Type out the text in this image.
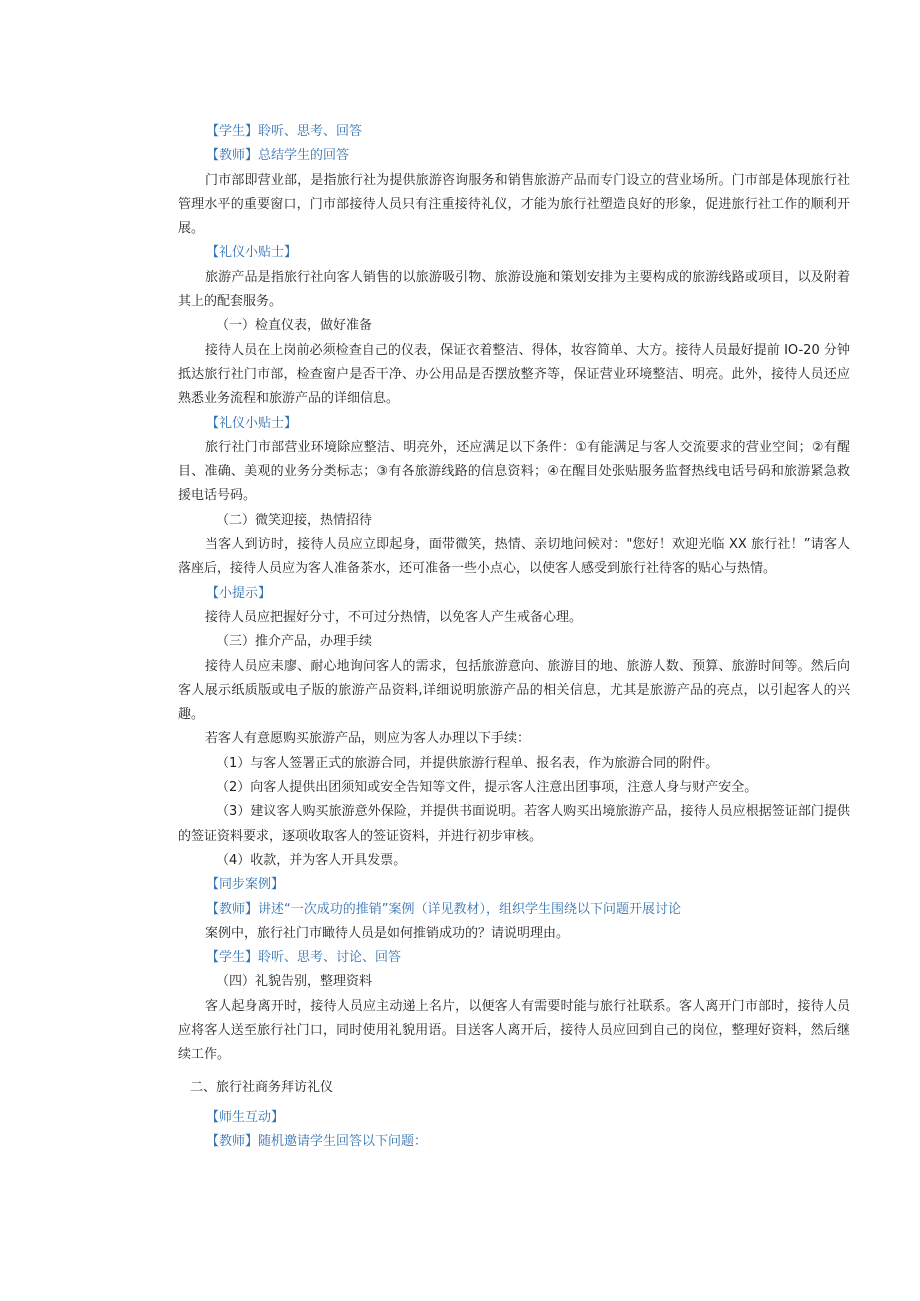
【学生】聆听、思考、回答
【教师】总结学生的回答
门市部即营业部，是指旅行社为提供旅游咨询服务和销售旅游产品而专门设立的营业场所。门市部是体现旅行社管理水平的重要窗口，门市部接待人员只有注重接待礼仪，才能为旅行社塑造良好的形象，促进旅行社工作的顺利开展。
【礼仪小贴士】
旅游产品是指旅行社向客人销售的以旅游吸引物、旅游设施和策划安排为主要构成的旅游线路或项目，以及附着其上的配套服务。
（一）检直仪表，做好准备
接待人员在上岗前必须检查自己的仪表，保证衣着整洁、得体，妆容简单、大方。接待人员最好提前 IO-20 分钟抵达旅行社门市部，检查窗户是否干净、办公用品是否摆放整齐等，保证营业环境整洁、明亮。此外，接待人员还应熟悉业务流程和旅游产品的详细信息。
【礼仪小贴士】
旅行社门市部营业环境除应整洁、明亮外，还应满足以下条件：①有能满足与客人交流要求的营业空间；②有醒目、准确、美观的业务分类标志；③有各旅游线路的信息资料；④在醒目处张贴服务监督热线电话号码和旅游紧急救援电话号码。
（二）微笑迎接，热情招待
当客人到访时，接待人员应立即起身，面带微笑，热情、亲切地问候对："您好！欢迎光临 XX 旅行社！”请客人落座后，接待人员应为客人准备茶水，还可准备一些小点心，以使客人感受到旅行社待客的贴心与热情。
【小提示】
接待人员应把握好分寸，不可过分热情，以免客人产生戒备心理。
（三）推介产品，办理手续
接待人员应耒廖、耐心地询问客人的需求，包括旅游意向、旅游目的地、旅游人数、预算、旅游时间等。然后向客人展示纸质版或电子版的旅游产品资料,详细说明旅游产品的相关信息，尤其是旅游产品的亮点，以引起客人的兴趣。
若客人有意愿购买旅游产品，则应为客人办理以下手续：
（1）与客人签署正式的旅游合同，并提供旅游行程单、报名表，作为旅游合同的附件。
（2）向客人提供出团须知或安全告知等文件，提示客人注意出团事项，注意人身与财产安全。
（3）建议客人购买旅游意外保险，并提供书面说明。若客人购买出境旅游产品，接待人员应根据签证部门提供的签证资料要求，逐项收取客人的签证资料，并进行初步审核。
（4）收款，并为客人开具发票。
【同步案例】
【教师】讲述“一次成功的推销”案例（详见教材），组织学生围绕以下问题开展讨论
案例中，旅行社门市瞰待人员是如何推销成功的？请说明理由。
【学生】聆听、思考、讨论、回答
（四）礼貌告别，整理资料
客人起身离开时，接待人员应主动递上名片，以便客人有需要时能与旅行社联系。客人离开门市部时，接待人员应将客人送至旅行社门口，同时使用礼貌用语。目送客人离开后，接待人员应回到自己的岗位，整理好资料，然后继续工作。
二、旅行社商务拜访礼仪
【师生互动】
【教师】随机邀请学生回答以下问题：
